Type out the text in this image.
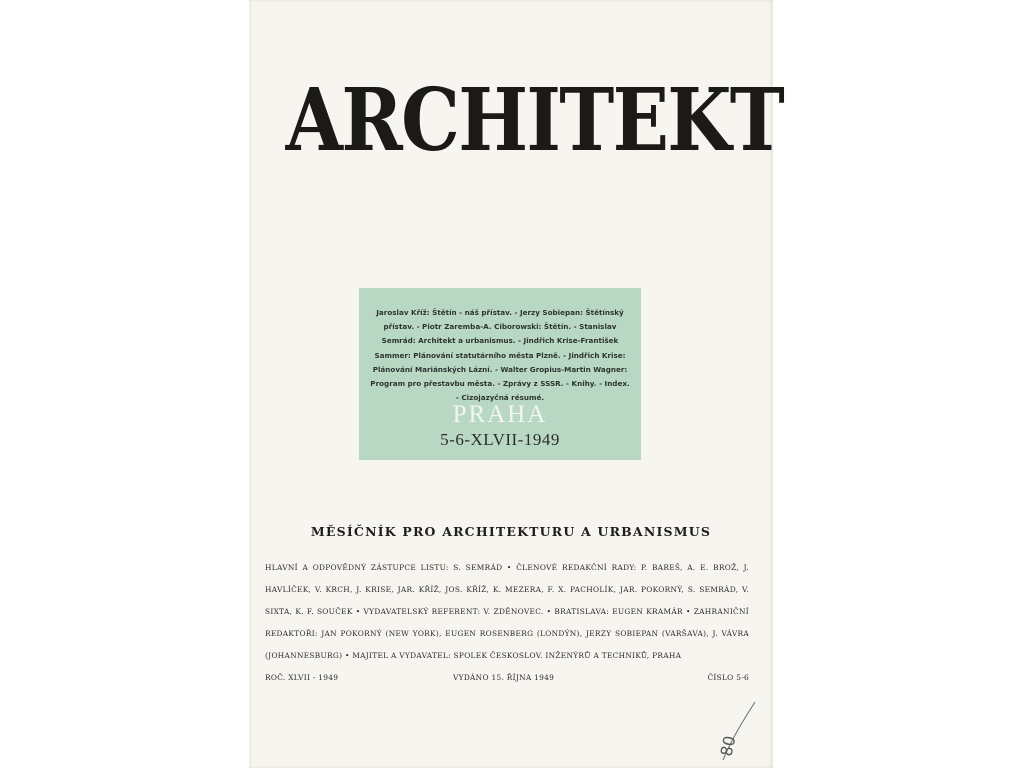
ARCHITEKT
Jaroslav Kříž: Štětín - náš přístav. - Jerzy Sobiepan: Štětínský přístav. - Piotr Zaremba-A. Ciborowski: Štětín. - Stanislav Semrád: Architekt a urbanismus. - Jindřich Krise-František Sammer: Plánování statutárního města Plzně. - Jindřich Krise: Plánování Mariánských Lázní. - Walter Gropius-Martin Wagner: Program pro přestavbu města. - Zprávy z SSSR. - Knihy. - Index. - Cizojazyčná résumé.
PRAHA
5-6-XLVII-1949
MĚSÍČNÍK PRO ARCHITEKTURU A URBANISMUS
HLAVNÍ A ODPOVĚDNÝ ZÁSTUPCE LISTU: S. SEMRÁD • ČLENOVÉ REDAKČNÍ RADY: P. BAREŠ, A. E. BROŽ, J. HAVLÍČEK, V. KRCH, J. KRISE, JAR. KŘÍŽ, JOS. KŘÍŽ, K. MEZERA, F. X. PACHOLÍK, JAR. POKORNÝ, S. SEMRÁD, V. SIXTA, K. F. SOUČEK • VYDAVATELSKÝ REFERENT: V. ZDĚNOVEC. • BRATISLAVA: EUGEN KRAMÁR • ZAHRANIČNÍ REDAKTOŘI: JAN POKORNÝ (NEW YORK), EUGEN ROSENBERG (LONDÝN), JERZY SOBIEPAN (VARŠAVA), J. VÁVRA (JOHANNESBURG) • MAJITEL A VYDAVATEL: SPOLEK ČESKOSLOV. INŽENÝRŮ A TECHNIKŮ, PRAHA
ROČ. XLVII - 1949	VYDÁNO 15. ŘÍJNA 1949	ČÍSLO 5-6
80
